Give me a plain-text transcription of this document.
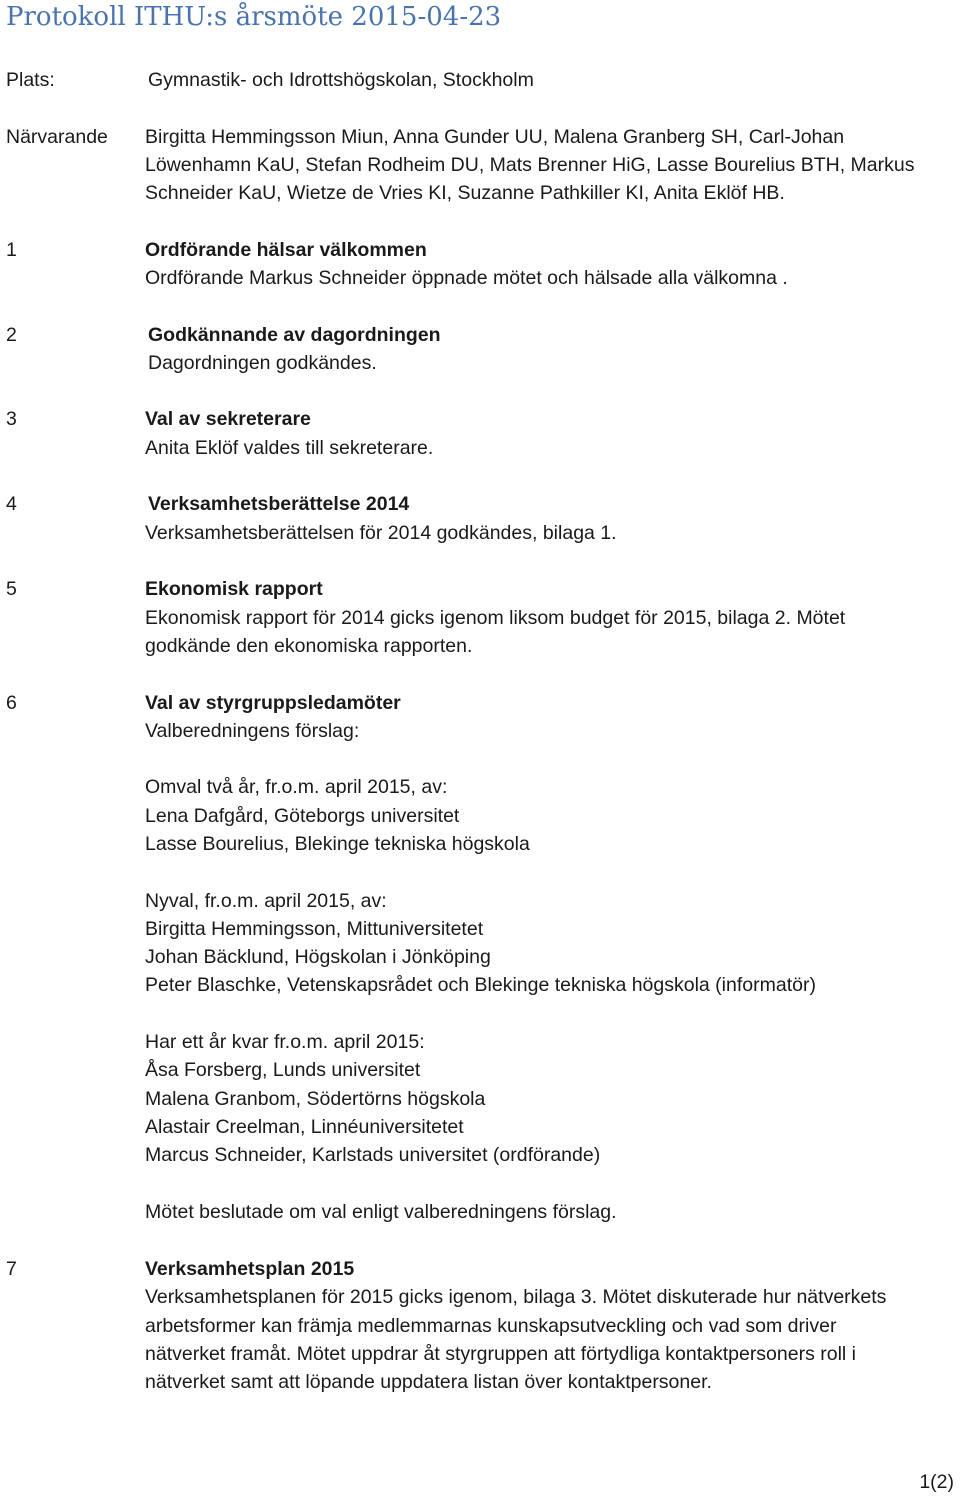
Protokoll ITHU:s årsmöte 2015-04-23
Plats:	Gymnastik- och Idrottshögskolan, Stockholm
Närvarande Birgitta Hemmingsson Miun, Anna Gunder UU, Malena Granberg SH, Carl-Johan
Löwenhamn KaU, Stefan Rodheim DU, Mats Brenner HiG, Lasse Bourelius BTH, Markus
Schneider KaU, Wietze de Vries KI, Suzanne Pathkiller KI, Anita Eklöf HB.
1	Ordförande hälsar välkommen
Ordförande Markus Schneider öppnade mötet och hälsade alla välkomna .
2	Godkännande av dagordningen
Dagordningen godkändes.
3	Val av sekreterare
Anita Eklöf valdes till sekreterare.
4	Verksamhetsberättelse 2014
Verksamhetsberättelsen för 2014 godkändes, bilaga 1.
5	Ekonomisk rapport
Ekonomisk rapport för 2014 gicks igenom liksom budget för 2015, bilaga 2. Mötet
godkände den ekonomiska rapporten.
6	Val av styrgruppsledamöter
Valberedningens förslag:
Omval två år, fr.o.m. april 2015, av:
Lena Dafgård, Göteborgs universitet
Lasse Bourelius, Blekinge tekniska högskola
Nyval, fr.o.m. april 2015, av:
Birgitta Hemmingsson, Mittuniversitetet
Johan Bäcklund, Högskolan i Jönköping
Peter Blaschke, Vetenskapsrådet och Blekinge tekniska högskola (informatör)
Har ett år kvar fr.o.m. april 2015:
Åsa Forsberg, Lunds universitet
Malena Granbom, Södertörns högskola
Alastair Creelman, Linnéuniversitetet
Marcus Schneider, Karlstads universitet (ordförande)
Mötet beslutade om val enligt valberedningens förslag.
7	Verksamhetsplan 2015
Verksamhetsplanen för 2015 gicks igenom, bilaga 3. Mötet diskuterade hur nätverkets
arbetsformer kan främja medlemmarnas kunskapsutveckling och vad som driver
nätverket framåt. Mötet uppdrar åt styrgruppen att förtydliga kontaktpersoners roll i
nätverket samt att löpande uppdatera listan över kontaktpersoner.
1(2)
